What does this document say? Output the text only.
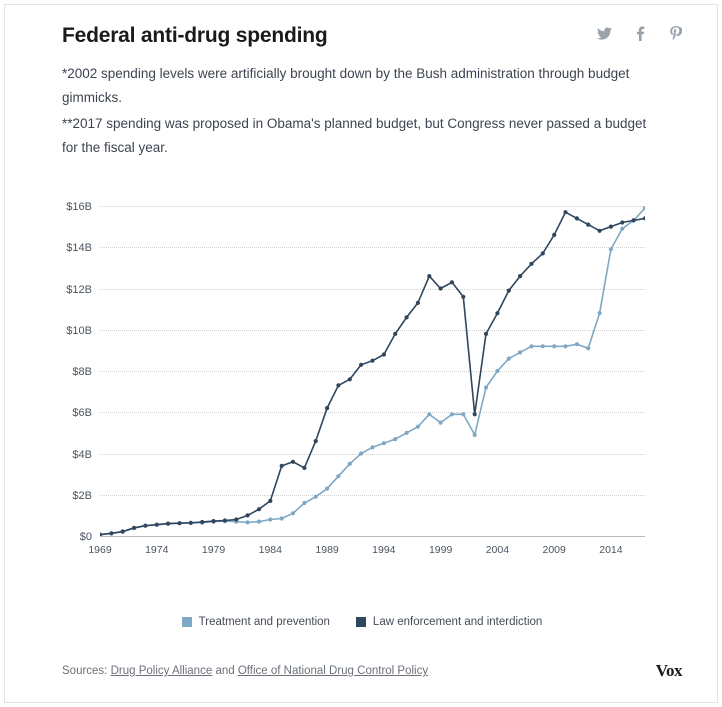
Federal anti-drug spending

*2002 spending levels were artificially brought down by the Bush administration through budget gimmicks.

**2017 spending was proposed in Obama's planned budget, but Congress never passed a budget for the fiscal year.

$0
$2B
$4B
$6B
$8B
$10B
$12B
$14B
$16B
1969	1974	1979	1984	1989	1994	1999	2004	2009	2014
Treatment and prevention	Law enforcement and interdiction
Sources: Drug Policy Alliance and Office of National Drug Control Policy	Vox
